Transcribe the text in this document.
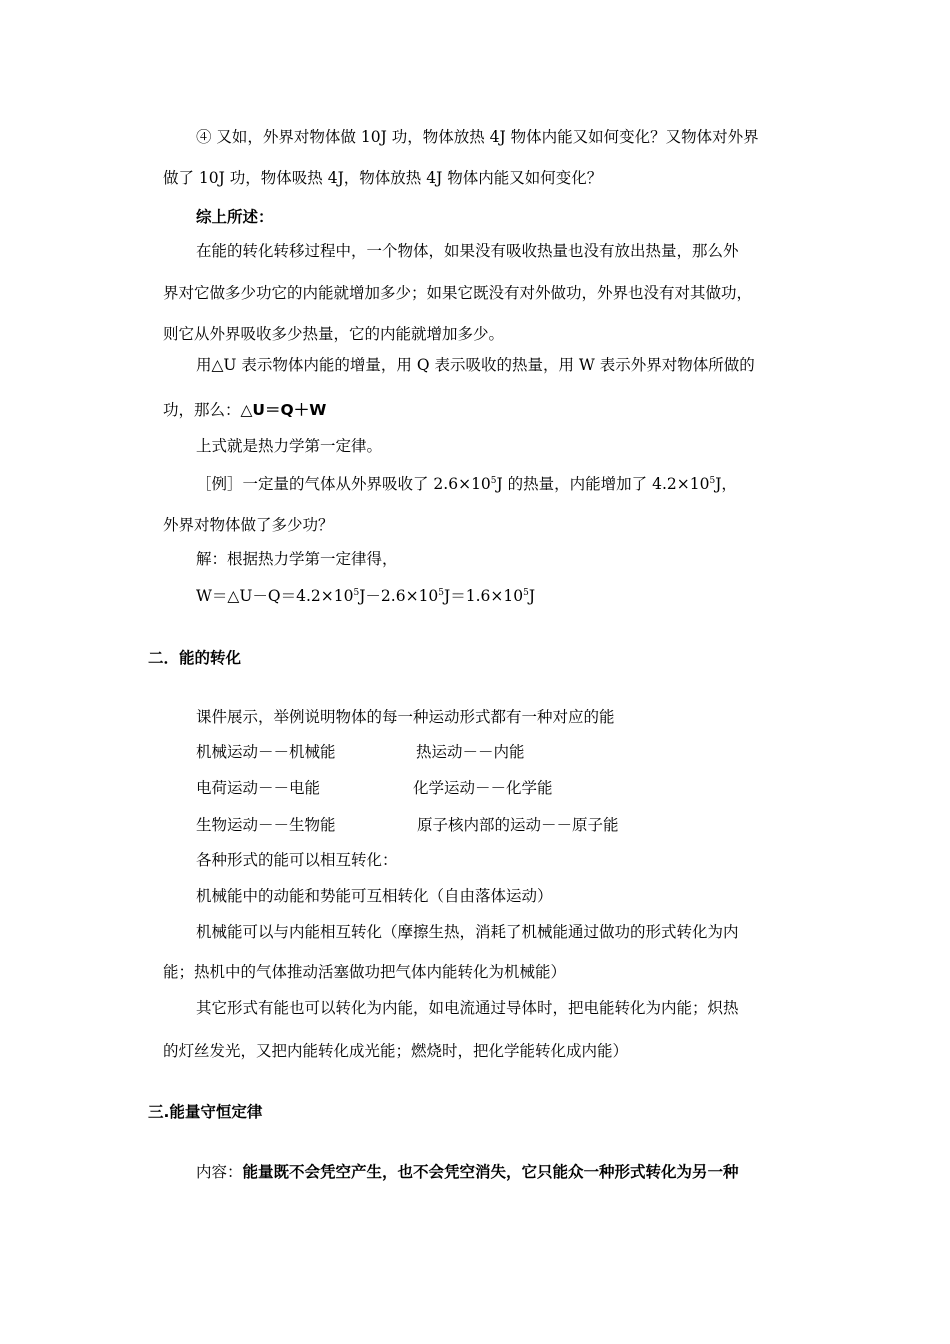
④ 又如，外界对物体做 10J 功，物体放热 4J 物体内能又如何变化？又物体对外界
做了 10J 功，物体吸热 4J，物体放热 4J 物体内能又如何变化？
综上所述：
在能的转化转移过程中，一个物体，如果没有吸收热量也没有放出热量，那么外
界对它做多少功它的内能就增加多少；如果它既没有对外做功，外界也没有对其做功，
则它从外界吸收多少热量，它的内能就增加多少。
用△U 表示物体内能的增量，用 Q 表示吸收的热量，用 W 表示外界对物体所做的
功，那么：△U＝Q＋W
上式就是热力学第一定律。
［例］一定量的气体从外界吸收了 $2.6\times 10^5J$ 的热量，内能增加了 $4.2\times 10^5J$，
外界对物体做了多少功？
解：根据热力学第一定律得，
$W=\triangle U-Q=4.2\times 10^5J-2.6\times 10^5J=1.6\times 10^5J$
二．能的转化
课件展示，举例说明物体的每一种运动形式都有一种对应的能
机械运动－－机械能	热运动－－内能
电荷运动－－电能	化学运动－－化学能
生物运动－－生物能	原子核内部的运动－－原子能
各种形式的能可以相互转化：
机械能中的动能和势能可互相转化（自由落体运动）
机械能可以与内能相互转化（摩擦生热，消耗了机械能通过做功的形式转化为内
能；热机中的气体推动活塞做功把气体内能转化为机械能）
其它形式有能也可以转化为内能，如电流通过导体时，把电能转化为内能；炽热
的灯丝发光，又把内能转化成光能；燃烧时，把化学能转化成内能）
三.能量守恒定律
内容：能量既不会凭空产生，也不会凭空消失，它只能众一种形式转化为另一种
